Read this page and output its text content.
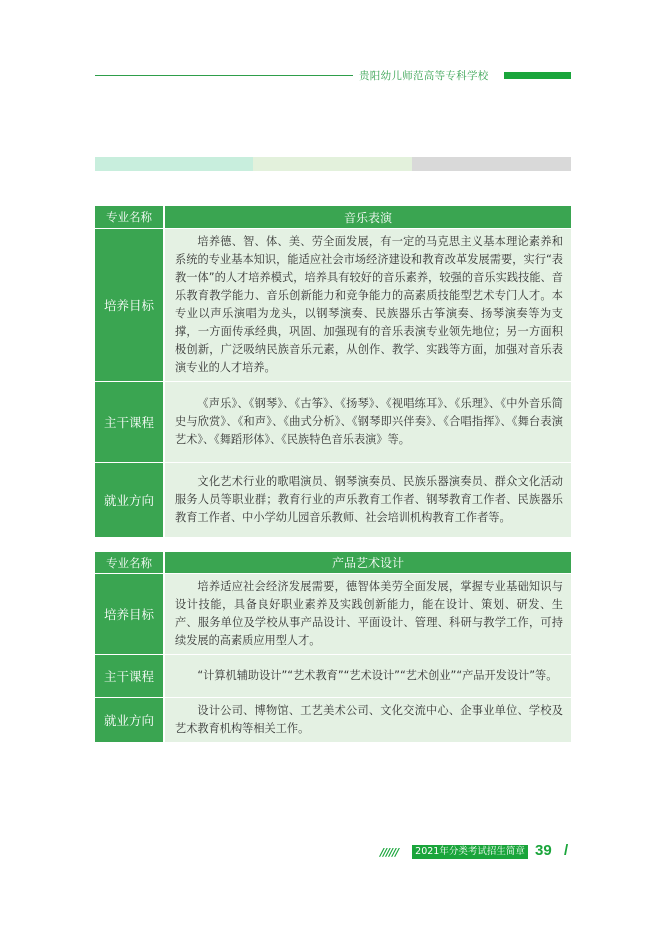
贵阳幼儿师范高等专科学校
专业名称	音乐表演
培养目标	培养德、智、体、美、劳全面发展，有一定的马克思主义基本理论素养和系统的专业基本知识，能适应社会市场经济建设和教育改革发展需要，实行“表教一体”的人才培养模式，培养具有较好的音乐素养，较强的音乐实践技能、音乐教育教学能力、音乐创新能力和竞争能力的高素质技能型艺术专门人才。本专业以声乐演唱为龙头，以钢琴演奏、民族器乐古筝演奏、扬琴演奏等为支撑，一方面传承经典，巩固、加强现有的音乐表演专业领先地位；另一方面积极创新，广泛吸纳民族音乐元素，从创作、教学、实践等方面，加强对音乐表演专业的人才培养。

主干课程	《声乐》、《钢琴》、《古筝》、《扬琴》、《视唱练耳》、《乐理》、《中外音乐简史与欣赏》、《和声》、《曲式分析》、《钢琴即兴伴奏》、《合唱指挥》、《舞台表演艺术》、《舞蹈形体》、《民族特色音乐表演》等。

就业方向	文化艺术行业的歌唱演员、钢琴演奏员、民族乐器演奏员、群众文化活动服务人员等职业群；教育行业的声乐教育工作者、钢琴教育工作者、民族器乐教育工作者、中小学幼儿园音乐教师、社会培训机构教育工作者等。
专业名称	产品艺术设计
培养目标	培养适应社会经济发展需要，德智体美劳全面发展，掌握专业基础知识与设计技能，具备良好职业素养及实践创新能力，能在设计、策划、研发、生产、服务单位及学校从事产品设计、平面设计、管理、科研与教学工作，可持续发展的高素质应用型人才。

主干课程	“计算机辅助设计”“艺术教育”“艺术设计”“艺术创业”“产品开发设计”等。

就业方向	设计公司、博物馆、工艺美术公司、文化交流中心、企事业单位、学校及艺术教育机构等相关工作。
//////	2021年分类考试招生简章 39 /
